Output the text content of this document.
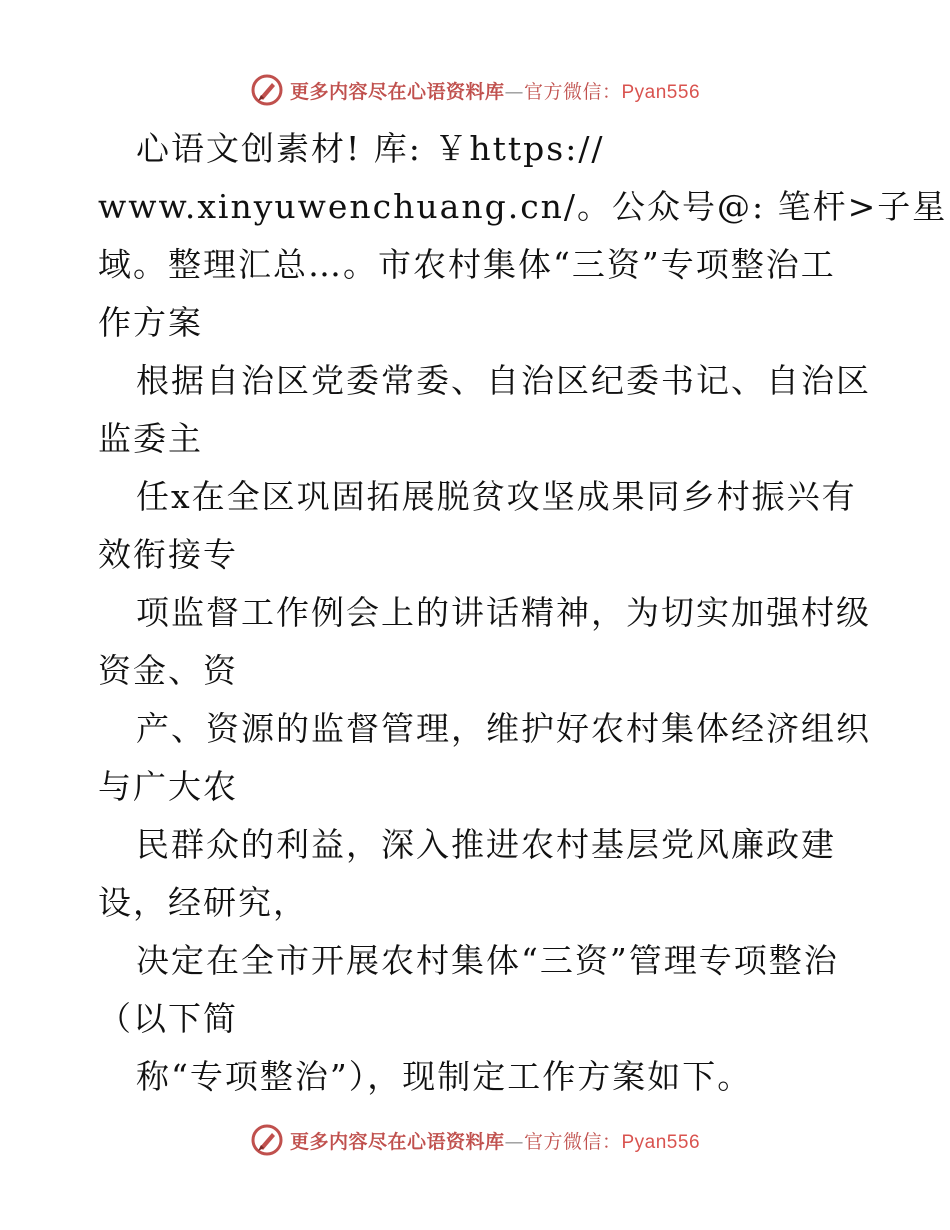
更多内容尽在心语资料库—官方微信：Pyan556
心语文创素材! 库: ￥https://
www.xinyuwenchuang.cn/。公众号@: 笔杆>子星
域。整理汇总…。市农村集体“三资”专项整治工
作方案
根据自治区党委常委、自治区纪委书记、自治区
监委主
任x在全区巩固拓展脱贫攻坚成果同乡村振兴有
效衔接专
项监督工作例会上的讲话精神，为切实加强村级
资金、资
产、资源的监督管理，维护好农村集体经济组织
与广大农
民群众的利益，深入推进农村基层党风廉政建
设，经研究，
决定在全市开展农村集体“三资”管理专项整治
（以下简
称“专项整治”），现制定工作方案如下。
更多内容尽在心语资料库—官方微信：Pyan556
